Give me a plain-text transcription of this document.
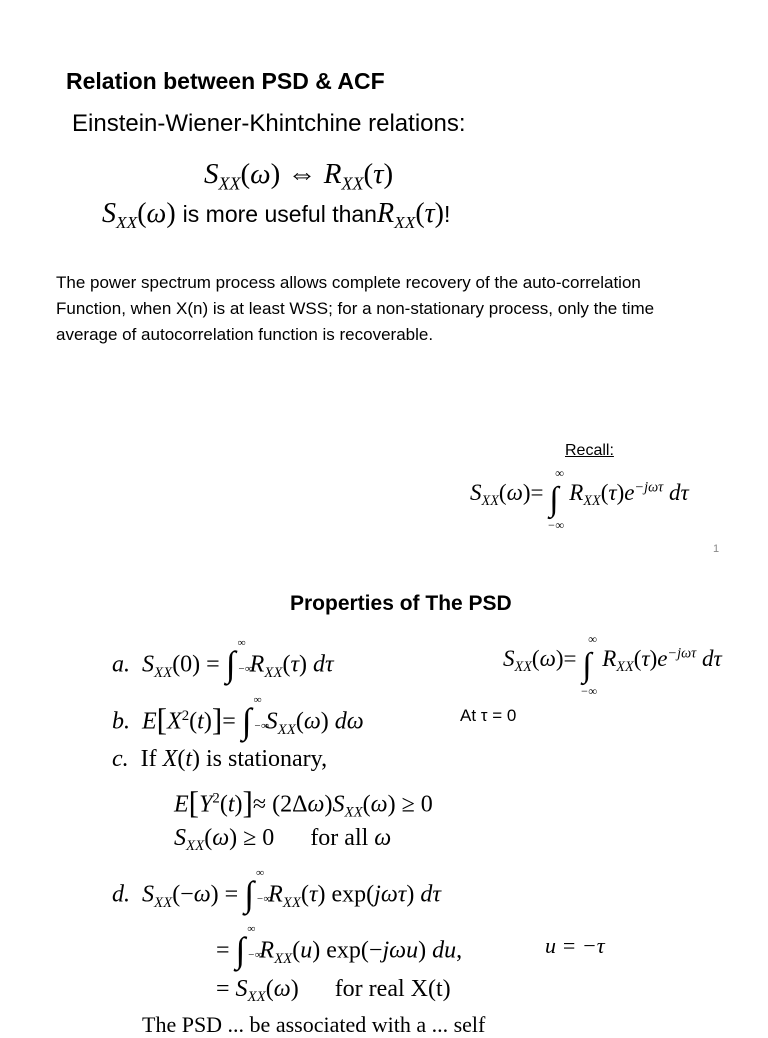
Relation between PSD & ACF
Einstein-Wiener-Khintchine relations:
$S_{XX}(\omega)$ ⇔ $R_{XX}(\tau)$
$S_{XX}(\omega)$ is more useful thanR$_{XX}$(τ)!
The power spectrum process allows complete recovery of the auto-correlation
Function, when X(n) is at least WSS; for a non-stationary process, only the time
average of autocorrelation function is recoverable.
Recall:
$S_{XX}(\omega)=$ ∫
∞
−∞
$R_{XX}(\tau)e^{-j\omega\tau}$ dτ
1
Properties of The PSD
a. $S_{XX}(0)$ = ∫
∞
−∞
$R_{XX}(\tau)$ dτ	$S_{XX}(\omega)=$ ∫
∞
−∞
$R_{XX}(\tau)e^{-j\omega\tau}$ dτ
b. $E[X^2(t)]=$ ∫
∞
−∞
$S_{XX}(\omega)$ dω	At τ = 0
c. If X(t) is stationary,
$E[Y^2(t)]\approx (2\Delta\omega)S_{XX}(\omega) \ge 0$
$S_{XX}(\omega) \ge 0$      for all ω
d. $S_{XX}(-\omega)$ = ∫
∞
−∞
$R_{XX}(\tau)$ exp(jωτ) dτ
= ∫
∞
−∞
$R_{XX}(u)$ exp(−jωu) du,	u = −τ
= $S_{XX}(\omega)$      for real X(t)
The PSD ... be associated with a ... self
